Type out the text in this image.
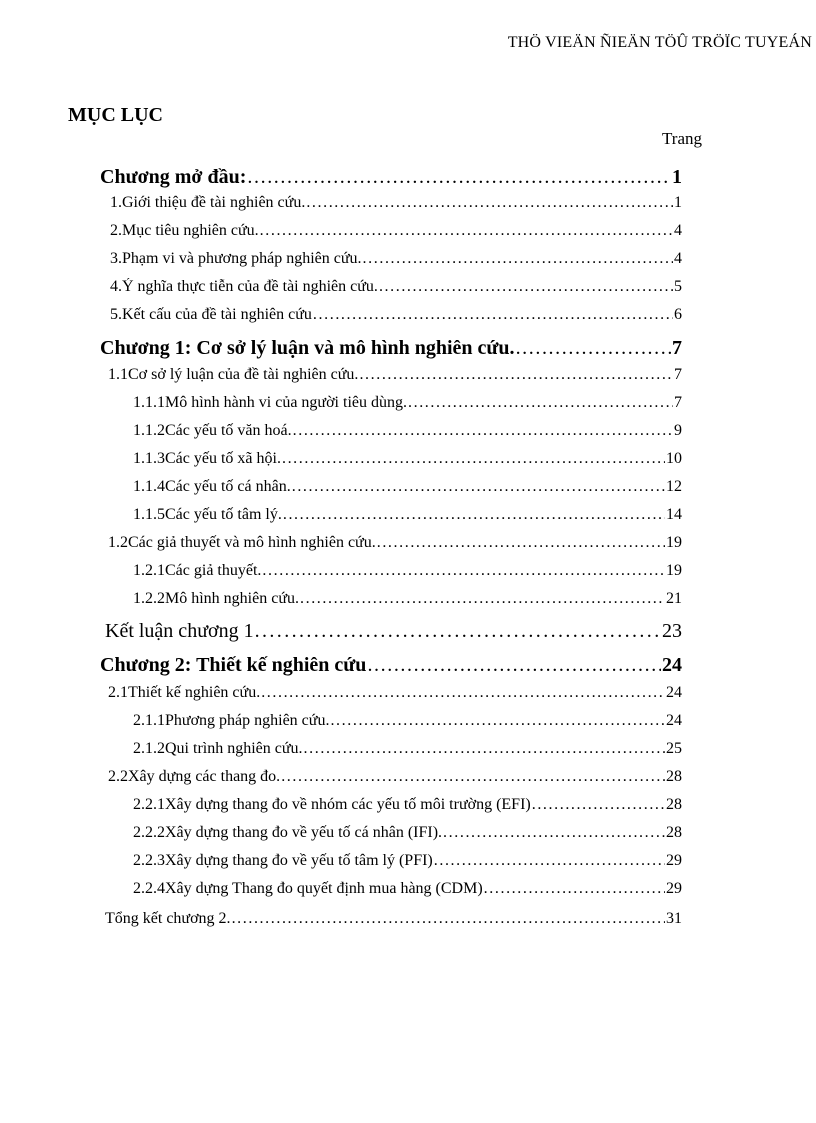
THÖ VIEÄN ÑIEÄN TÖÛ TRÖÏC TUYEÁN
MỤC LỤC
Trang
Chương mở đầu: .....	1
1. Giới thiệu đề tài nghiên cứu. .....	1
2. Mục tiêu nghiên cứu. .....	4
3. Phạm vi và phương pháp nghiên cứu. .....	4
4. Ý nghĩa thực tiễn của đề tài nghiên cứu. .....	5
5. Kết cấu của đề tài nghiên cứu .....	6
Chương 1: Cơ sở lý luận và mô hình nghiên cứu. .....	7
1.1 Cơ sở lý luận của đề tài nghiên cứu. .....	7
1.1.1 Mô hình hành vi của người tiêu dùng. .....	7
1.1.2 Các yếu tố văn hoá. .....	9
1.1.3 Các yếu tố xã hội. .....	10
1.1.4 Các yếu tố cá nhân. .....	12
1.1.5 Các yếu tố tâm lý. .....	14
1.2 Các giả thuyết và mô hình nghiên cứu. .....	19
1.2.1 Các giả thuyết. .....	19
1.2.2 Mô hình nghiên cứu. .....	21
Kết luận chương 1 .....	23
Chương 2: Thiết kế nghiên cứu .....	24
2.1 Thiết kế nghiên cứu. .....	24
2.1.1 Phương pháp nghiên cứu. .....	24
2.1.2 Qui trình nghiên cứu. .....	25
2.2 Xây dựng các thang đo. .....	28
2.2.1 Xây dựng thang đo về nhóm các yếu tố môi trường (EFI) .....	28
2.2.2 Xây dựng thang đo về yếu tố cá nhân (IFI). .....	28
2.2.3 Xây dựng thang đo về yếu tố tâm lý (PFI) .....	29
2.2.4 Xây dựng Thang đo quyết định mua hàng (CDM) .....	29
Tổng kết chương 2. .....	31
